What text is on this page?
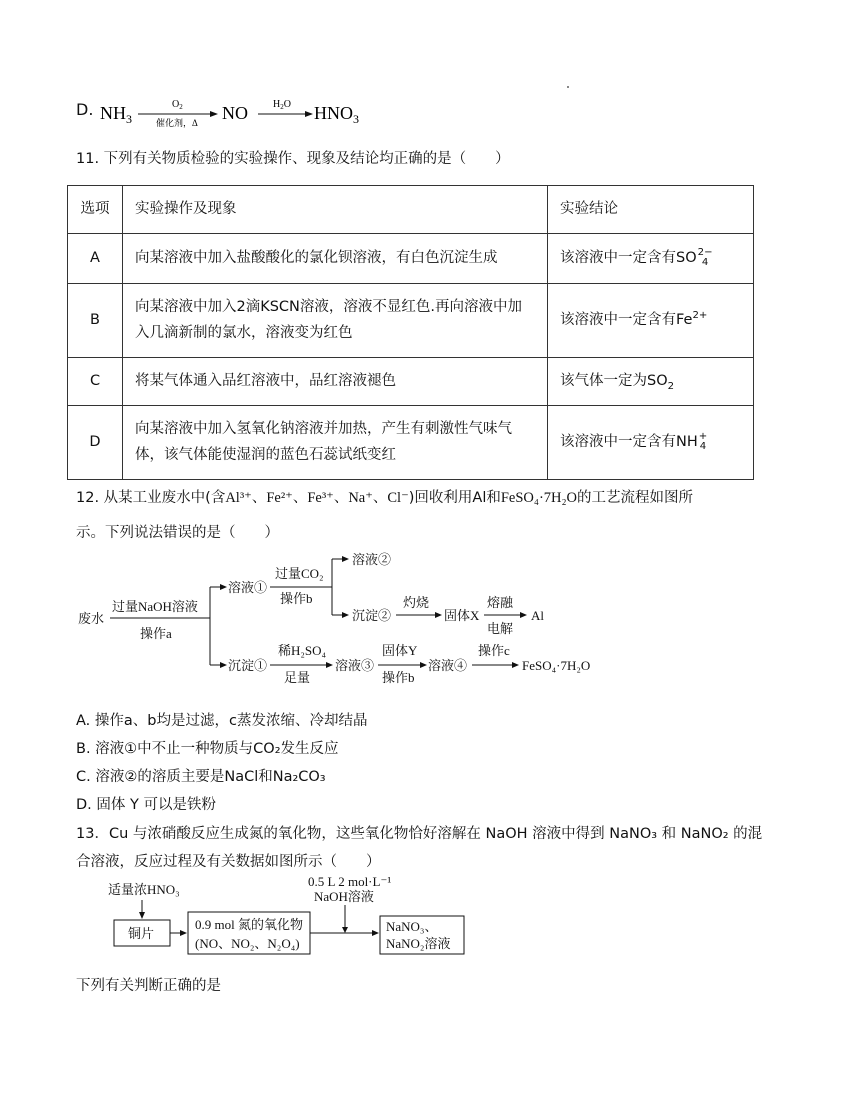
D. $NH_3$
$O_2$
催化剂，Δ NO	$H_2O$ $HNO_3$
11. 下列有关物质检验的实验操作、现象及结论均正确的是（　　）
选项	实验操作及现象	实验结论
A	向某溶液中加入盐酸酸化的氯化钡溶液，有白色沉淀生成	该溶液中一定含有SO 2−
4

B	向某溶液中加入2滴KSCN溶液，溶液不显红色.再向溶液中加入几滴新制的氯水，溶液变为红色	该溶液中一定含有$Fe^{2+}$
C	将某气体通入品红溶液中，品红溶液褪色	该气体一定为$SO_2$
D	向某溶液中加入氢氧化钠溶液并加热，产生有刺激性气味气体，该气体能使湿润的蓝色石蕊试纸变红	该溶液中一定含有NH +
4
12. 从某工业废水中(含Al³⁺、Fe²⁺、Fe³⁺、Na⁺、Cl⁻)回收利用Al和FeSO₄·7H₂O的工艺流程如图所
示。下列说法错误的是（　　）
废水
过量NaOH溶液
操作a
溶液①
过量CO₂
操作b
溶液②
沉淀②
灼烧
固体X
熔融
电解
Al
沉淀①
稀H₂SO₄
足量
溶液③
固体Y
操作b
溶液④
操作c
FeSO₄·7H₂O
A. 操作a、b均是过滤，c蒸发浓缩、冷却结晶
B. 溶液①中不止一种物质与CO₂发生反应
C. 溶液②的溶质主要是NaCl和Na₂CO₃
D. 固体 Y 可以是铁粉
13．Cu 与浓硝酸反应生成氮的氧化物，这些氧化物恰好溶解在 NaOH 溶液中得到 NaNO₃ 和 NaNO₂ 的混
合溶液，反应过程及有关数据如图所示（　　）
适量浓HNO₃
铜片
0.9 mol 氮的氧化物
(NO、NO₂、N₂O₄)
0.5 L 2 mol·L⁻¹
NaOH溶液
NaNO₃、
NaNO₂溶液
下列有关判断正确的是
